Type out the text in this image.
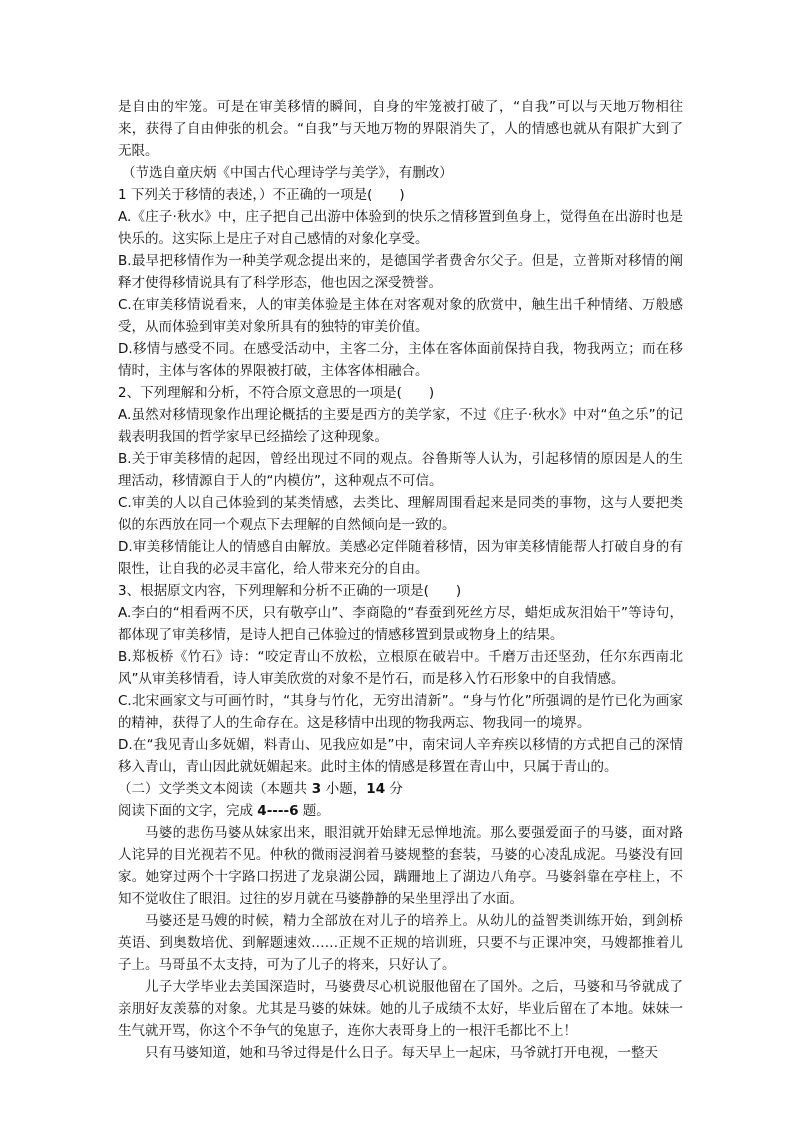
是自由的牢笼。可是在审美移情的瞬间，自身的牢笼被打破了，“自我”可以与天地万物相往来，获得了自由伸张的机会。“自我”与天地万物的界限消失了，人的情感也就从有限扩大到了无限。

（节选自童庆炳《中国古代心理诗学与美学》，有删改）

1 下列关于移情的表述，）不正确的一项是(　　)

A.《庄子·秋水》中，庄子把自己出游中体验到的快乐之情移置到鱼身上，觉得鱼在出游时也是快乐的。这实际上是庄子对自己感情的对象化享受。

B.最早把移情作为一种美学观念提出来的，是德国学者费舍尔父子。但是，立普斯对移情的阐释才使得移情说具有了科学形态，他也因之深受赞誉。

C.在审美移情说看来，人的审美体验是主体在对客观对象的欣赏中，触生出千种情绪、万般感受，从而体验到审美对象所具有的独特的审美价值。

D.移情与感受不同。在感受活动中，主客二分，主体在客体面前保持自我，物我两立；而在移情时，主体与客体的界限被打破，主体客体相融合。

2、下列理解和分析，不符合原文意思的一项是(　　)

A.虽然对移情现象作出理论概括的主要是西方的美学家，不过《庄子·秋水》中对“鱼之乐”的记载表明我国的哲学家早已经描绘了这种现象。

B.关于审美移情的起因，曾经出现过不同的观点。谷鲁斯等人认为，引起移情的原因是人的生理活动，移情源自于人的“内模仿”，这种观点不可信。

C.审美的人以自己体验到的某类情感，去类比、理解周围看起来是同类的事物，这与人要把类似的东西放在同一个观点下去理解的自然倾向是一致的。

D.审美移情能让人的情感自由解放。美感必定伴随着移情，因为审美移情能帮人打破自身的有限性，让自我的必灵丰富化，给人带来充分的自由。

3、根据原文内容，下列理解和分析不正确的一项是(　　)

A.李白的“相看两不厌，只有敬亭山”、李商隐的“春蚕到死丝方尽，蜡炬成灰泪始干”等诗句，都体现了审美移情，是诗人把自己体验过的情感移置到景或物身上的结果。

B.郑板桥《竹石》诗：“咬定青山不放松，立根原在破岩中。千磨万击还坚劲，任尔东西南北风”从审美移情看，诗人审美欣赏的对象不是竹石，而是移入竹石形象中的自我情感。

C.北宋画家文与可画竹时，“其身与竹化，无穷出清新”。“身与竹化”所强调的是竹已化为画家的精神，获得了人的生命存在。这是移情中出现的物我两忘、物我同一的境界。

D.在“我见青山多妩媚，料青山、见我应如是”中，南宋词人辛弃疾以移情的方式把自己的深情移入青山，青山因此就妩媚起来。此时主体的情感是移置在青山中，只属于青山的。

（二）文学类文本阅读（本题共 3 小题，14 分

阅读下面的文字，完成 4----6 题。

马婆的悲伤马婆从妹家出来，眼泪就开始肆无忌惮地流。那么要强爱面子的马婆，面对路人诧异的目光视若不见。仲秋的微雨浸润着马婆规整的套装，马婆的心凌乱成泥。马婆没有回家。她穿过两个十字路口拐进了龙泉湖公园，蹒跚地上了湖边八角亭。马婆斜靠在亭柱上，不知不觉收住了眼泪。过往的岁月就在马婆静静的呆坐里浮出了水面。

马婆还是马嫂的时候，精力全部放在对儿子的培养上。从幼儿的益智类训练开始，到剑桥英语、到奥数培优、到解题速效……正规不正规的培训班，只要不与正课冲突，马嫂都推着儿子上。马哥虽不太支持，可为了儿子的将来，只好认了。

儿子大学毕业去美国深造时，马婆费尽心机说服他留在了国外。之后，马婆和马爷就成了亲朋好友羡慕的对象。尤其是马婆的妹妹。她的儿子成绩不太好，毕业后留在了本地。妹妹一生气就开骂，你这个不争气的兔崽子，连你大表哥身上的一根汗毛都比不上！

只有马婆知道，她和马爷过得是什么日子。每天早上一起床，马爷就打开电视，一整天
